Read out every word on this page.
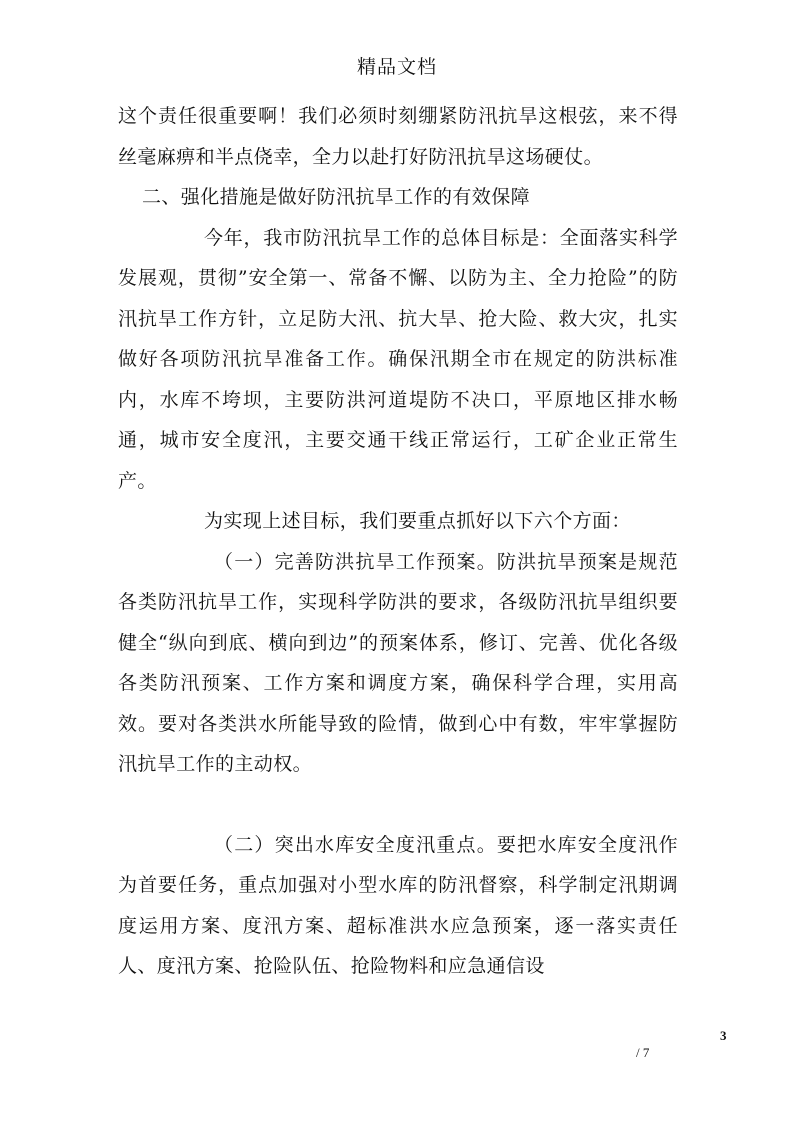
精品文档

这个责任很重要啊！我们必须时刻绷紧防汛抗旱这根弦，来不得丝毫麻痹和半点侥幸，全力以赴打好防汛抗旱这场硬仗。

二、强化措施是做好防汛抗旱工作的有效保障

今年，我市防汛抗旱工作的总体目标是：全面落实科学发展观，贯彻”安全第一、常备不懈、以防为主、全力抢险”的防汛抗旱工作方针，立足防大汛、抗大旱、抢大险、救大灾，扎实做好各项防汛抗旱准备工作。确保汛期全市在规定的防洪标准内，水库不垮坝，主要防洪河道堤防不决口，平原地区排水畅通，城市安全度汛，主要交通干线正常运行，工矿企业正常生产。

为实现上述目标，我们要重点抓好以下六个方面：

（一）完善防洪抗旱工作预案。防洪抗旱预案是规范各类防汛抗旱工作，实现科学防洪的要求，各级防汛抗旱组织要健全“纵向到底、横向到边”的预案体系，修订、完善、优化各级各类防汛预案、工作方案和调度方案，确保科学合理，实用高效。要对各类洪水所能导致的险情，做到心中有数，牢牢掌握防汛抗旱工作的主动权。

（二）突出水库安全度汛重点。要把水库安全度汛作为首要任务，重点加强对小型水库的防汛督察，科学制定汛期调度运用方案、度汛方案、超标准洪水应急预案，逐一落实责任人、度汛方案、抢险队伍、抢险物料和应急通信设

3
/ 7
